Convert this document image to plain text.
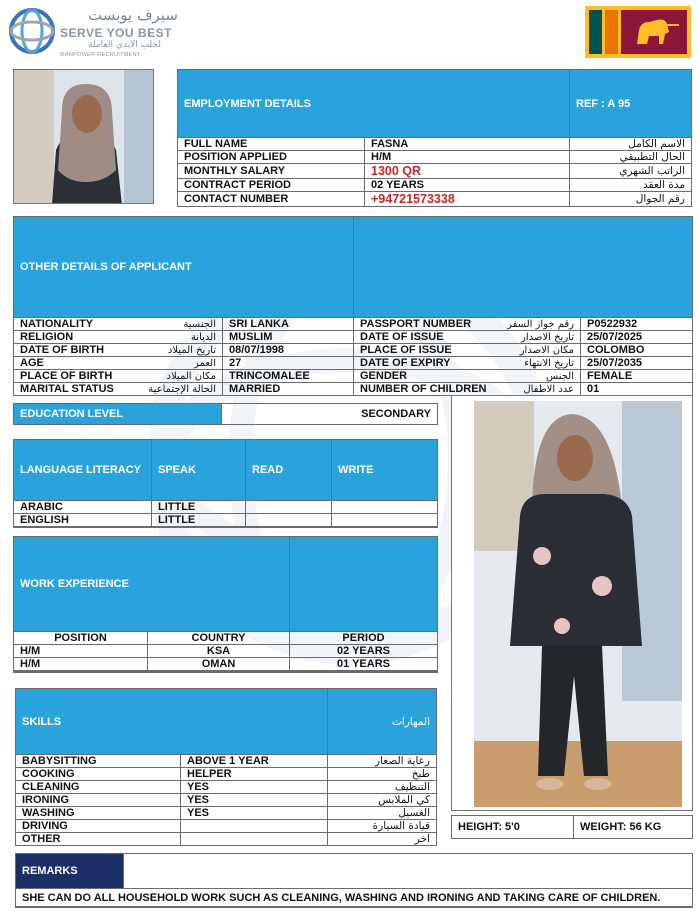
سيرف يوبست
SERVE YOU BEST
لجلب الايدي العاملة
MANPOWER RECRUITMENT
EMPLOYMENT DETAILS		REF : A 95
FULL NAME	FASNA	الاسم الكامل
POSITION APPLIED	H/M	الحال التطبيقي
MONTHLY SALARY	1300 QR	الراتب الشهري
CONTRACT PERIOD	02 YEARS	مدة العقد
CONTACT NUMBER	+94721573338	رقم الجوال
OTHER DETAILS OF APPLICANT			

NATIONALITY الجنسية	SRI LANKA	PASSPORT NUMBER رقم جواز السفر	P0522932

RELIGION الديانة	MUSLIM	DATE OF ISSUE تاريخ الاصدار	25/07/2025

DATE OF BIRTH تاريخ الميلاد	08/07/1998	PLACE OF ISSUE مكان الاصدار	COLOMBO

AGE العمر	27	DATE OF EXPIRY تاريخ الانتهاء	25/07/2035

PLACE OF BIRTH مكان الميلاد	TRINCOMALEE	GENDER الجنس	FEMALE

MARITAL STATUS الحالة الإجتماعية	MARRIED	NUMBER OF CHILDREN عدد الاطفال	01
EDUCATION LEVEL	SECONDARY
LANGUAGE LITERACY	SPEAK	READ	WRITE
ARABIC	LITTLE		
ENGLISH	LITTLE		

WORK EXPERIENCE		
POSITION	COUNTRY	PERIOD
H/M	KSA	02 YEARS
H/M	OMAN	01 YEARS

SKILLS		المهارات
BABYSITTING	ABOVE 1 YEAR	رعاية الصغار
COOKING	HELPER	طبخ
CLEANING	YES	التنظيف
IRONING	YES	كي الملابس
WASHING	YES	الغسيل
DRIVING		قيادة السيارة
OTHER		اخر
HEIGHT: 5'0	WEIGHT: 56 KG
REMARKS	
SHE CAN DO ALL HOUSEHOLD WORK SUCH AS CLEANING, WASHING AND IRONING AND TAKING CARE OF CHILDREN.
